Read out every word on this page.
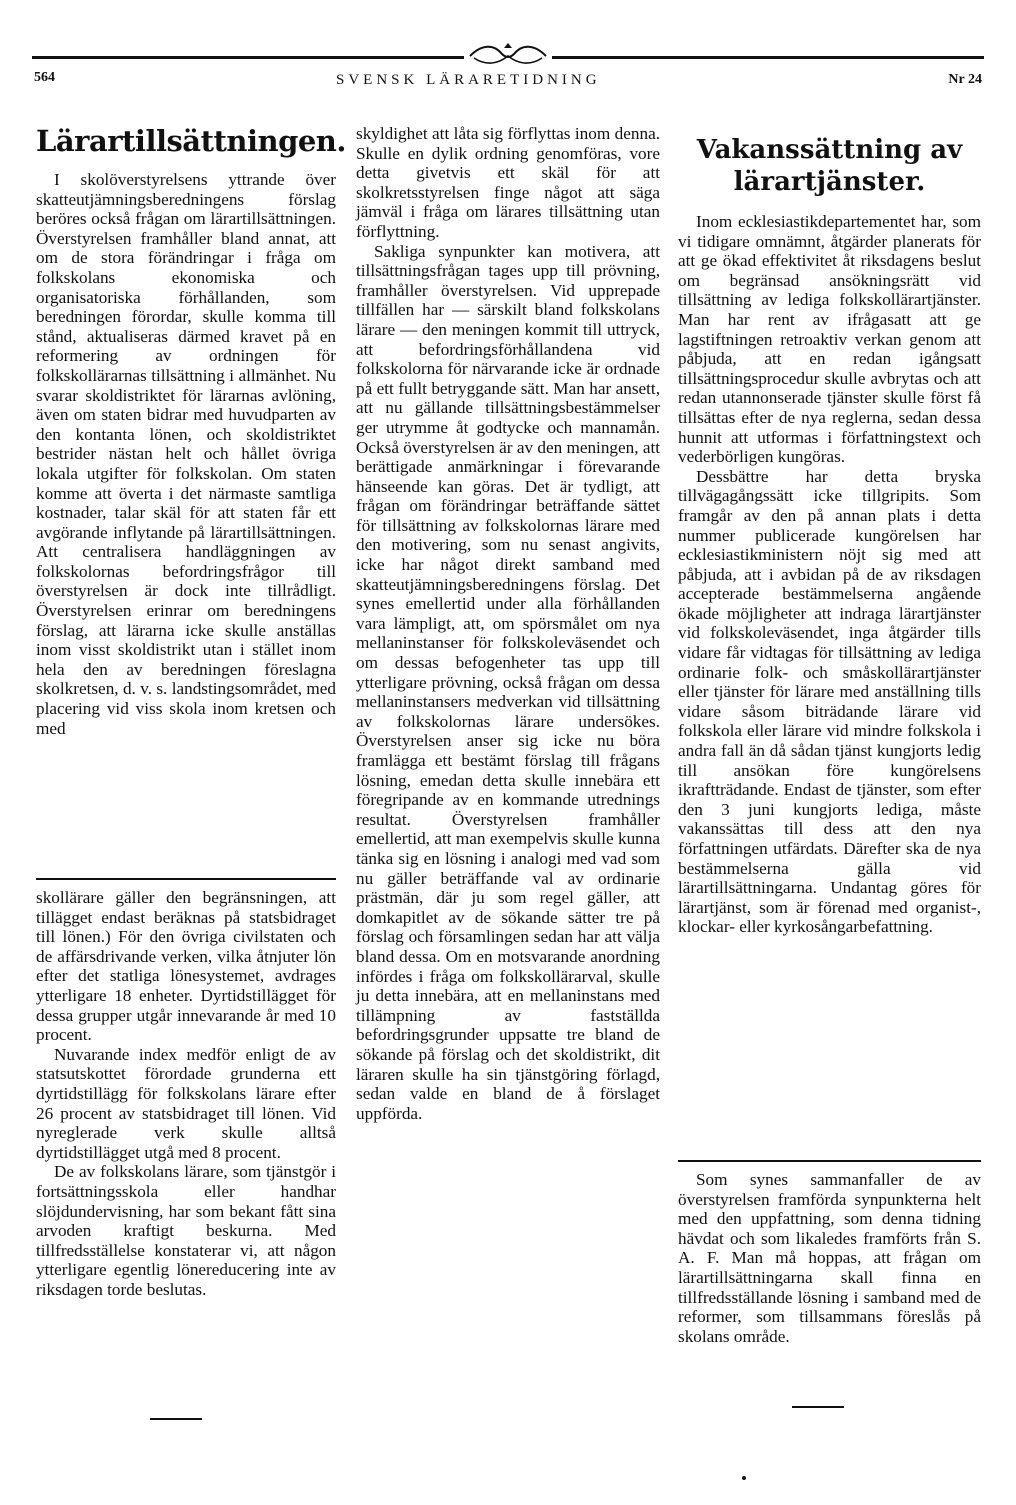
564	SVENSK LÄRARETIDNING	Nr 24
Lärartillsättningen.

I skolöverstyrelsens yttrande över skatteutjämningsberedningens förslag beröres också frågan om lärartillsättningen. Överstyrelsen framhåller bland annat, att om de stora förändringar i fråga om folkskolans ekonomiska och organisatoriska förhållanden, som beredningen förordar, skulle komma till stånd, aktualiseras därmed kravet på en reformering av ordningen för folkskollärarnas tillsättning i allmänhet. Nu svarar skoldistriktet för lärarnas avlöning, även om staten bidrar med huvudparten av den kontanta lönen, och skoldistriktet bestrider nästan helt och hållet övriga lokala utgifter för folkskolan. Om staten komme att överta i det närmaste samtliga kostnader, talar skäl för att staten får ett avgörande inflytande på lärartillsättningen. Att centralisera handläggningen av folkskolornas befordringsfrågor till överstyrelsen är dock inte tillrådligt. Överstyrelsen erinrar om beredningens förslag, att lärarna icke skulle anställas inom visst skoldistrikt utan i stället inom hela den av beredningen föreslagna skolkretsen, d. v. s. landstingsområdet, med placering vid viss skola inom kretsen och med

skollärare gäller den begränsningen, att tillägget endast beräknas på statsbidraget till lönen.) För den övriga civilstaten och de affärsdrivande verken, vilka åtnjuter lön efter det statliga lönesystemet, avdrages ytterligare 18 enheter. Dyrtidstillägget för dessa grupper utgår innevarande år med 10 procent.

Nuvarande index medför enligt de av statsutskottet förordade grunderna ett dyrtidstillägg för folkskolans lärare efter 26 procent av statsbidraget till lönen. Vid nyreglerade verk skulle alltså dyrtidstillägget utgå med 8 procent.

De av folkskolans lärare, som tjänstgör i fortsättningsskola eller handhar slöjdundervisning, har som bekant fått sina arvoden kraftigt beskurna. Med tillfredsställelse konstaterar vi, att någon ytterligare egentlig lönereducering inte av riksdagen torde beslutas.

skyldighet att låta sig förflyttas inom denna. Skulle en dylik ordning genomföras, vore detta givetvis ett skäl för att skolkretsstyrelsen finge något att säga jämväl i fråga om lärares tillsättning utan förflyttning.

Sakliga synpunkter kan motivera, att tillsättningsfrågan tages upp till prövning, framhåller överstyrelsen. Vid upprepade tillfällen har — särskilt bland folkskolans lärare — den meningen kommit till uttryck, att befordringsförhållandena vid folkskolorna för närvarande icke är ordnade på ett fullt betryggande sätt. Man har ansett, att nu gällande tillsättningsbestämmelser ger utrymme åt godtycke och mannamån. Också överstyrelsen är av den meningen, att berättigade anmärkningar i förevarande hänseende kan göras. Det är tydligt, att frågan om förändringar beträffande sättet för tillsättning av folkskolornas lärare med den motivering, som nu senast angivits, icke har något direkt samband med skatteutjämningsberedningens förslag. Det synes emellertid under alla förhållanden vara lämpligt, att, om spörsmålet om nya mellaninstanser för folkskoleväsendet och om dessas befogenheter tas upp till ytterligare prövning, också frågan om dessa mellaninstansers medverkan vid tillsättning av folkskolornas lärare undersökes. Överstyrelsen anser sig icke nu böra framlägga ett bestämt förslag till frågans lösning, emedan detta skulle innebära ett föregripande av en kommande utrednings resultat. Överstyrelsen framhåller emellertid, att man exempelvis skulle kunna tänka sig en lösning i analogi med vad som nu gäller beträffande val av ordinarie prästmän, där ju som regel gäller, att domkapitlet av de sökande sätter tre på förslag och församlingen sedan har att välja bland dessa. Om en motsvarande anordning infördes i fråga om folkskollärarval, skulle ju detta innebära, att en mellaninstans med tillämpning av fastställda befordringsgrunder uppsatte tre bland de sökande på förslag och det skoldistrikt, dit läraren skulle ha sin tjänstgöring förlagd, sedan valde en bland de å förslaget uppförda.

Vakanssättning av
lärartjänster.

Inom ecklesiastikdepartementet har, som vi tidigare omnämnt, åtgärder planerats för att ge ökad effektivitet åt riksdagens beslut om begränsad ansökningsrätt vid tillsättning av lediga folkskollärartjänster. Man har rent av ifrågasatt att ge lagstiftningen retroaktiv verkan genom att påbjuda, att en redan igångsatt tillsättningsprocedur skulle avbrytas och att redan utannonserade tjänster skulle först få tillsättas efter de nya reglerna, sedan dessa hunnit att utformas i författningstext och vederbörligen kungöras.

Dessbättre har detta bryska tillvägagångssätt icke tillgripits. Som framgår av den på annan plats i detta nummer publicerade kungörelsen har ecklesiastikministern nöjt sig med att påbjuda, att i avbidan på de av riksdagen accepterade bestämmelserna angående ökade möjligheter att indraga lärartjänster vid folkskoleväsendet, inga åtgärder tills vidare får vidtagas för tillsättning av lediga ordinarie folk- och småskollärartjänster eller tjänster för lärare med anställning tills vidare såsom biträdande lärare vid folkskola eller lärare vid mindre folkskola i andra fall än då sådan tjänst kungjorts ledig till ansökan före kungörelsens ikraftträdande. Endast de tjänster, som efter den 3 juni kungjorts lediga, måste vakanssättas till dess att den nya författningen utfärdats. Därefter ska de nya bestämmelserna gälla vid lärartillsättningarna. Undantag göres för lärartjänst, som är förenad med organist-, klockar- eller kyrkosångarbefattning.

Som synes sammanfaller de av överstyrelsen framförda synpunkterna helt med den uppfattning, som denna tidning hävdat och som likaledes framförts från S. A. F. Man må hoppas, att frågan om lärartillsättningarna skall finna en tillfredsställande lösning i samband med de reformer, som tillsammans föreslås på skolans område.
